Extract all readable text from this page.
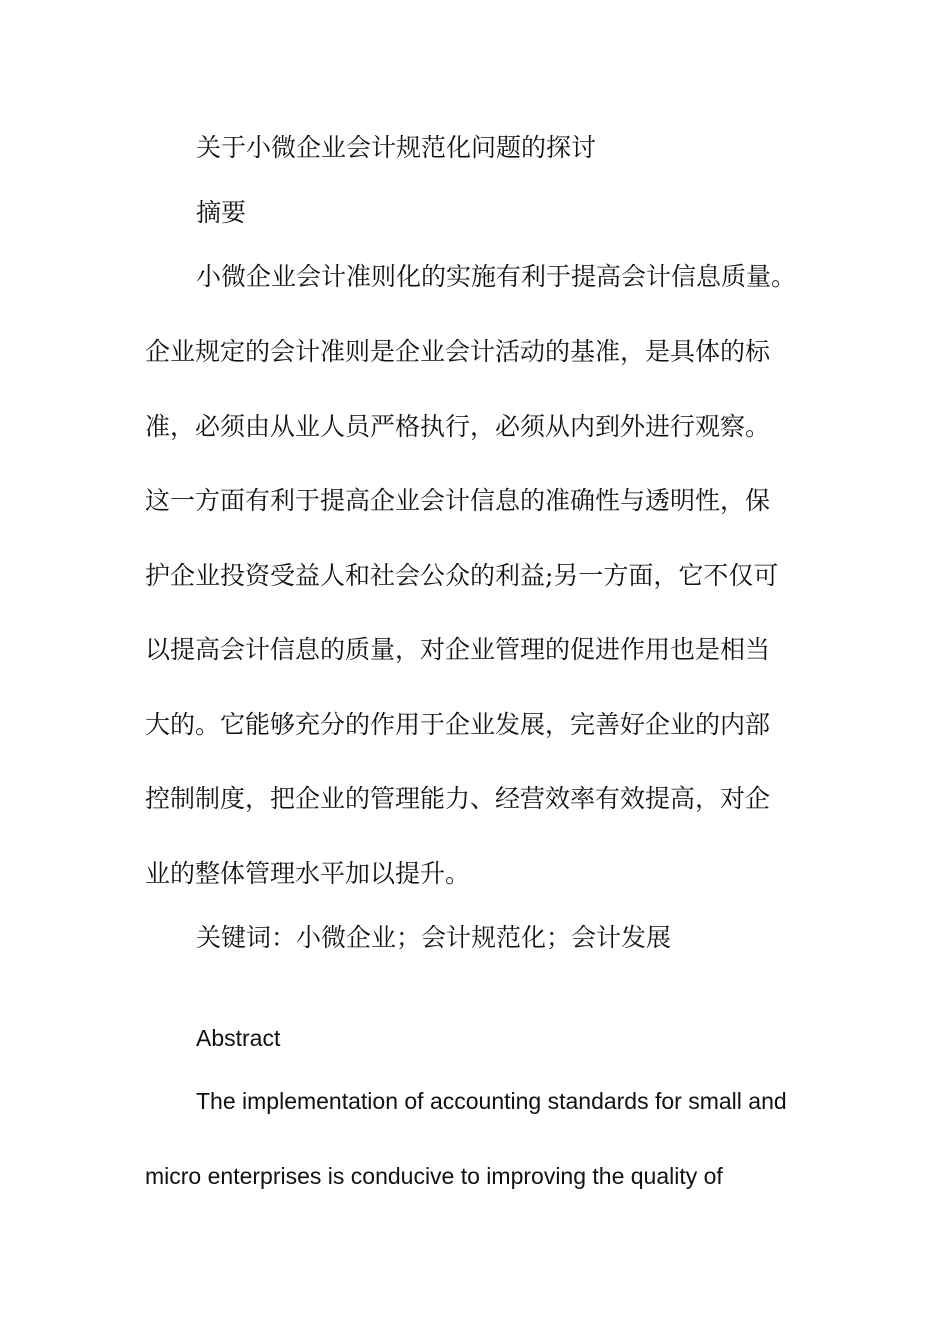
关于小微企业会计规范化问题的探讨
摘要
小微企业会计准则化的实施有利于提高会计信息质量。
企业规定的会计准则是企业会计活动的基准，是具体的标
准，必须由从业人员严格执行，必须从内到外进行观察。
这一方面有利于提高企业会计信息的准确性与透明性，保
护企业投资受益人和社会公众的利益;另一方面，它不仅可
以提高会计信息的质量，对企业管理的促进作用也是相当
大的。它能够充分的作用于企业发展，完善好企业的内部
控制制度，把企业的管理能力、经营效率有效提高，对企
业的整体管理水平加以提升。
关键词：小微企业；会计规范化；会计发展
Abstract
The implementation of accounting standards for small and
micro enterprises is conducive to improving the quality of
